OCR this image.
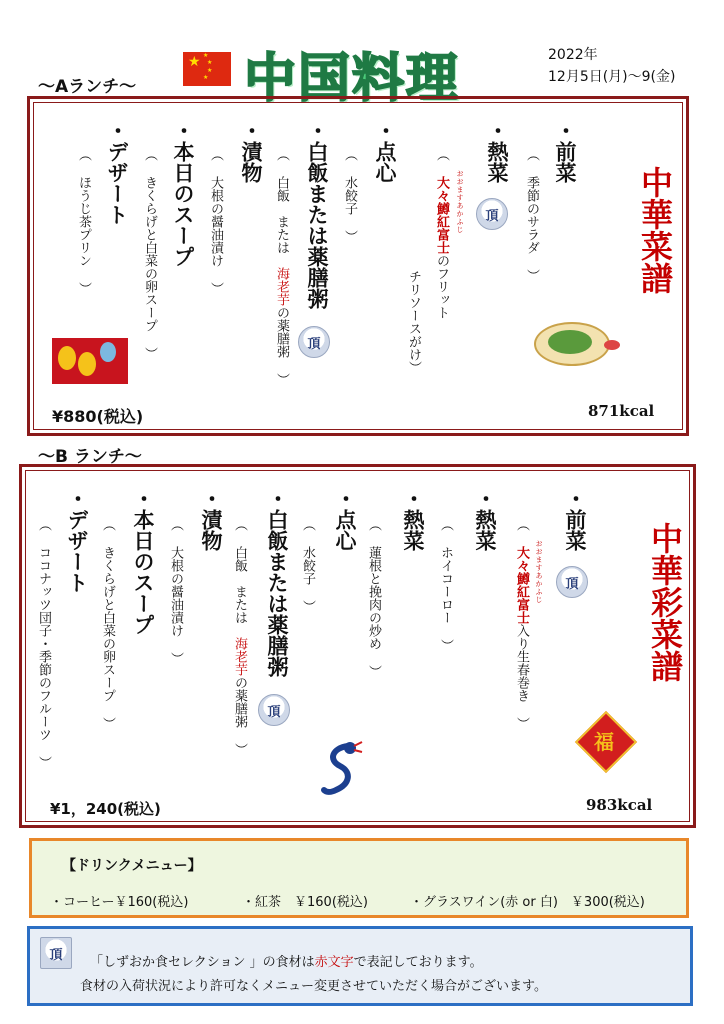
★ ★
★
★
★ 中国料理	2022年
12月5日(月)～9(金)
～Aランチ～
中華菜譜
・前菜
（ 季節のサラダ ）
・熱菜
頂
（ 大々鱒紅富士のフリット
おおますあかふじ
チリソースがけ）
・点心
（ 水餃子 ）
・白飯または薬膳粥
頂
（ 白飯　または　海老芋の薬膳粥 ）
・漬物
（ 大根の醤油漬け ）
・本日のスープ
（ きくらげと白菜の卵スープ ）
・デザート
（ ほうじ茶プリン ）
¥880(税込)	871kcal
～B ランチ～
中華彩菜譜
・前菜
頂
（ 大々鱒紅富士入り生春巻き ）
おおますあかふじ
・熱菜
（ ホイコーロー ）
・熱菜
（ 蓮根と挽肉の炒め ）
・点心
（ 水餃子 ）
・白飯または薬膳粥
頂
（ 白飯　または　海老芋の薬膳粥 ）
・漬物
（ 大根の醤油漬け ）
・本日のスープ
（ きくらげと白菜の卵スープ ）
・デザート
（ ココナッツ団子・季節のフルーツ ）	福
¥1，240(税込)	983kcal
【ドリンクメニュー】
・コーヒー￥160(税込)	・紅茶　￥160(税込)	・グラスワイン(赤 or 白)　￥300(税込)
頂	「しずおか食セレクション 」の食材は赤文字で表記しております。
食材の入荷状況により許可なくメニュー変更させていただく場合がございます。
